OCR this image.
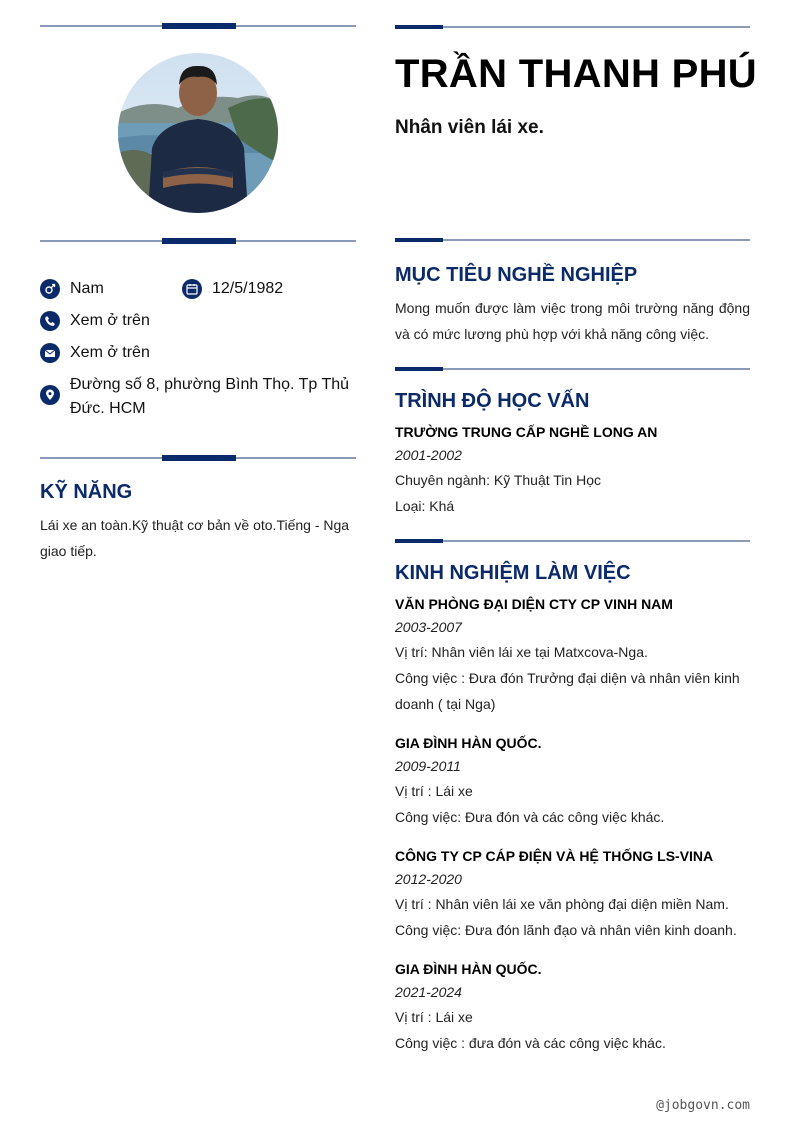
Nam	12/5/1982
Xem ở trên
Xem ở trên
Đường số 8, phường Bình Thọ. Tp Thủ Đức. HCM
KỸ NĂNG
Lái xe an toàn.Kỹ thuật cơ bản về oto.Tiếng - Nga giao tiếp.
TRẦN THANH PHÚ
Nhân viên lái xe.
MỤC TIÊU NGHỀ NGHIỆP
Mong muốn được làm việc trong môi trường năng động và có mức lương phù hợp với khả năng công việc.
TRÌNH ĐỘ HỌC VẤN
TRƯỜNG TRUNG CẤP NGHỀ LONG AN
2001-2002
Chuyên ngành: Kỹ Thuật Tin Học
Loại: Khá
KINH NGHIỆM LÀM VIỆC
VĂN PHÒNG ĐẠI DIỆN CTY CP VINH NAM
2003-2007
Vị trí: Nhân viên lái xe tại Matxcova-Nga.
Công việc : Đưa đón Trưởng đại diện và nhân viên kinh doanh ( tại Nga)
GIA ĐÌNH HÀN QUỐC.
2009-2011
Vị trí : Lái xe
Công việc: Đưa đón và các công việc khác.
CÔNG TY CP CÁP ĐIỆN VÀ HỆ THỐNG LS-VINA
2012-2020
Vị trí : Nhân viên lái xe văn phòng đại diện miền Nam.
Công việc: Đưa đón lãnh đạo và nhân viên kinh doanh.
GIA ĐÌNH HÀN QUỐC.
2021-2024
Vị trí : Lái xe
Công việc : đưa đón và các công việc khác.
@jobgovn.com
